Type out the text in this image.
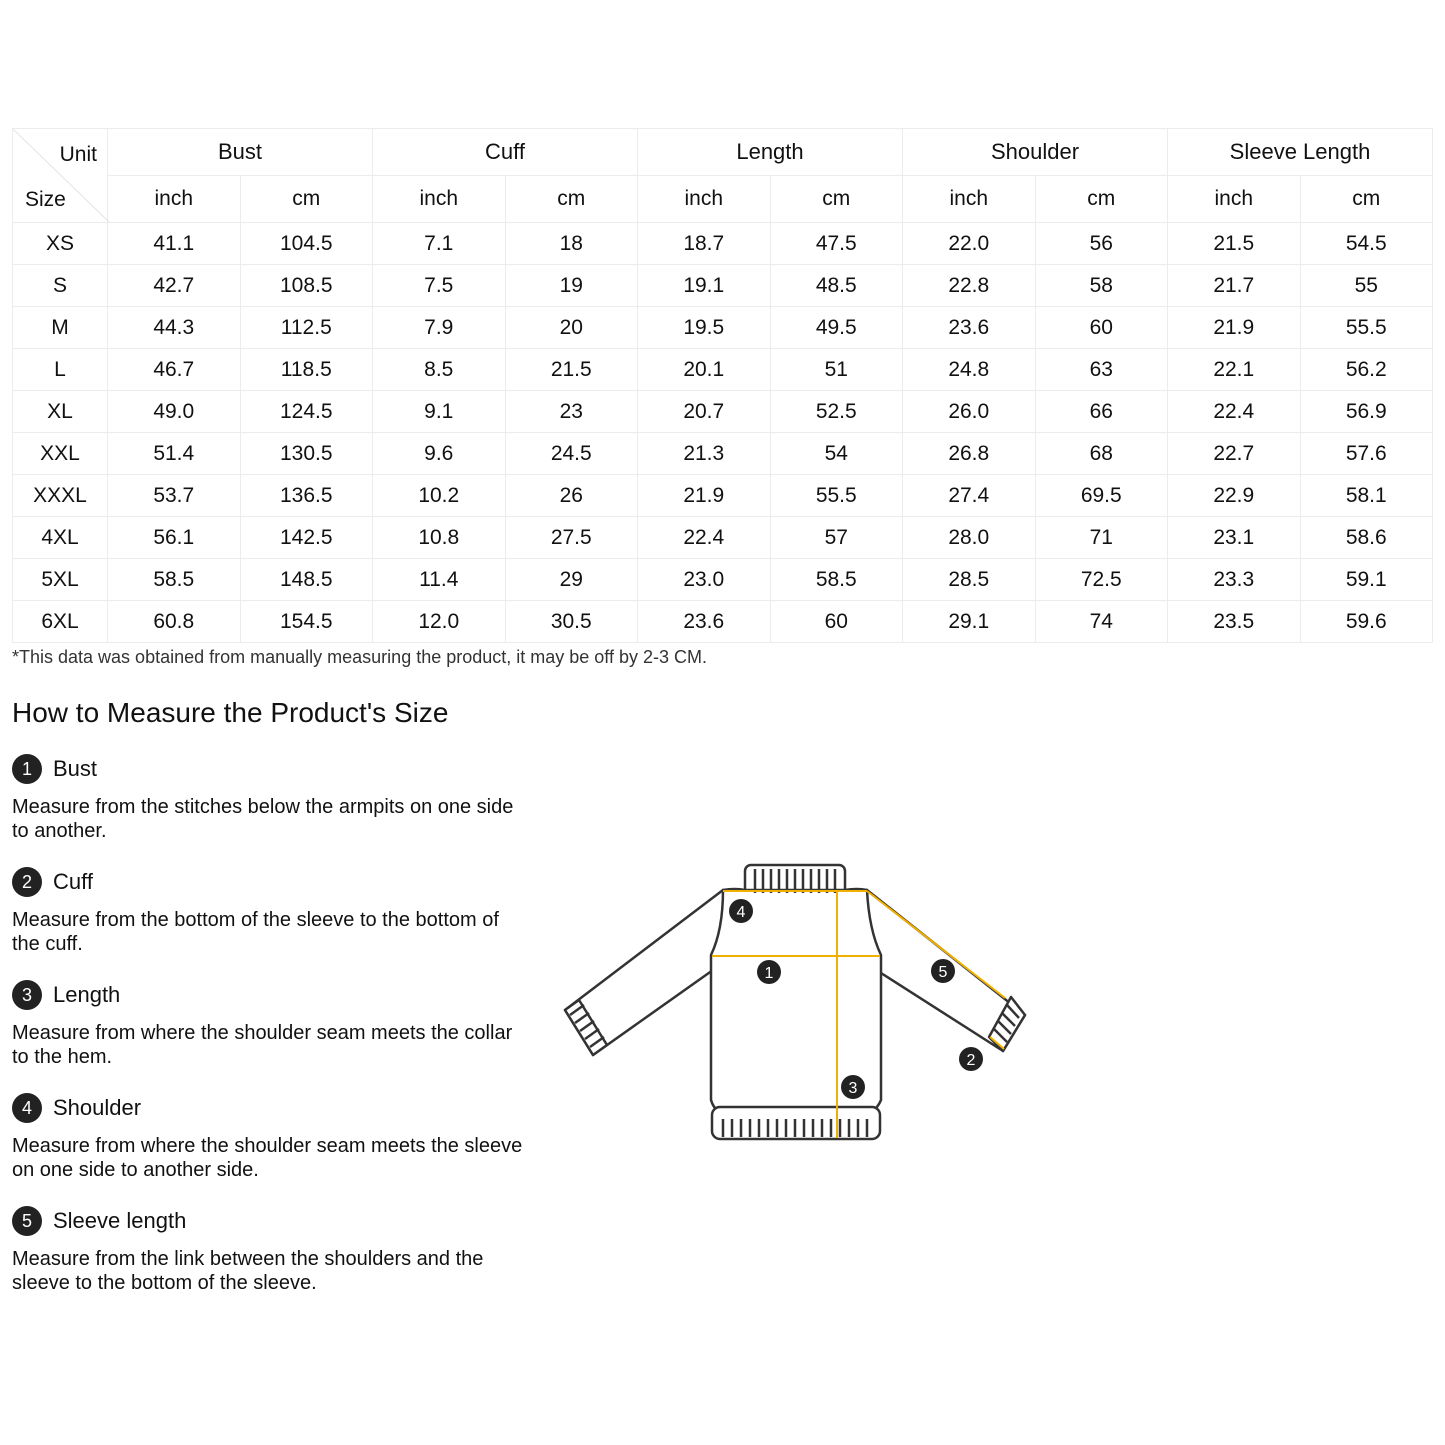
Unit
Size	Bust		Cuff		Length		Shoulder		Sleeve Length	
	inch	cm	inch	cm	inch	cm	inch	cm	inch	cm
XS	41.1	104.5	7.1	18	18.7	47.5	22.0	56	21.5	54.5
S	42.7	108.5	7.5	19	19.1	48.5	22.8	58	21.7	55
M	44.3	112.5	7.9	20	19.5	49.5	23.6	60	21.9	55.5
L	46.7	118.5	8.5	21.5	20.1	51	24.8	63	22.1	56.2
XL	49.0	124.5	9.1	23	20.7	52.5	26.0	66	22.4	56.9
XXL	51.4	130.5	9.6	24.5	21.3	54	26.8	68	22.7	57.6
XXXL	53.7	136.5	10.2	26	21.9	55.5	27.4	69.5	22.9	58.1
4XL	56.1	142.5	10.8	27.5	22.4	57	28.0	71	23.1	58.6
5XL	58.5	148.5	11.4	29	23.0	58.5	28.5	72.5	23.3	59.1
6XL	60.8	154.5	12.0	30.5	23.6	60	29.1	74	23.5	59.6
*This data was obtained from manually measuring the product, it may be off by 2-3 CM.
How to Measure the Product's Size
1 Bust
Measure from the stitches below the armpits on one side to another.
2 Cuff
Measure from the bottom of the sleeve to the bottom of the cuff.
3 Length
Measure from where the shoulder seam meets the collar to the hem.
4 Shoulder
Measure from where the shoulder seam meets the sleeve on one side to another side.
5 Sleeve length
Measure from the link between the shoulders and the sleeve to the bottom of the sleeve.
1
2
3
4
5
